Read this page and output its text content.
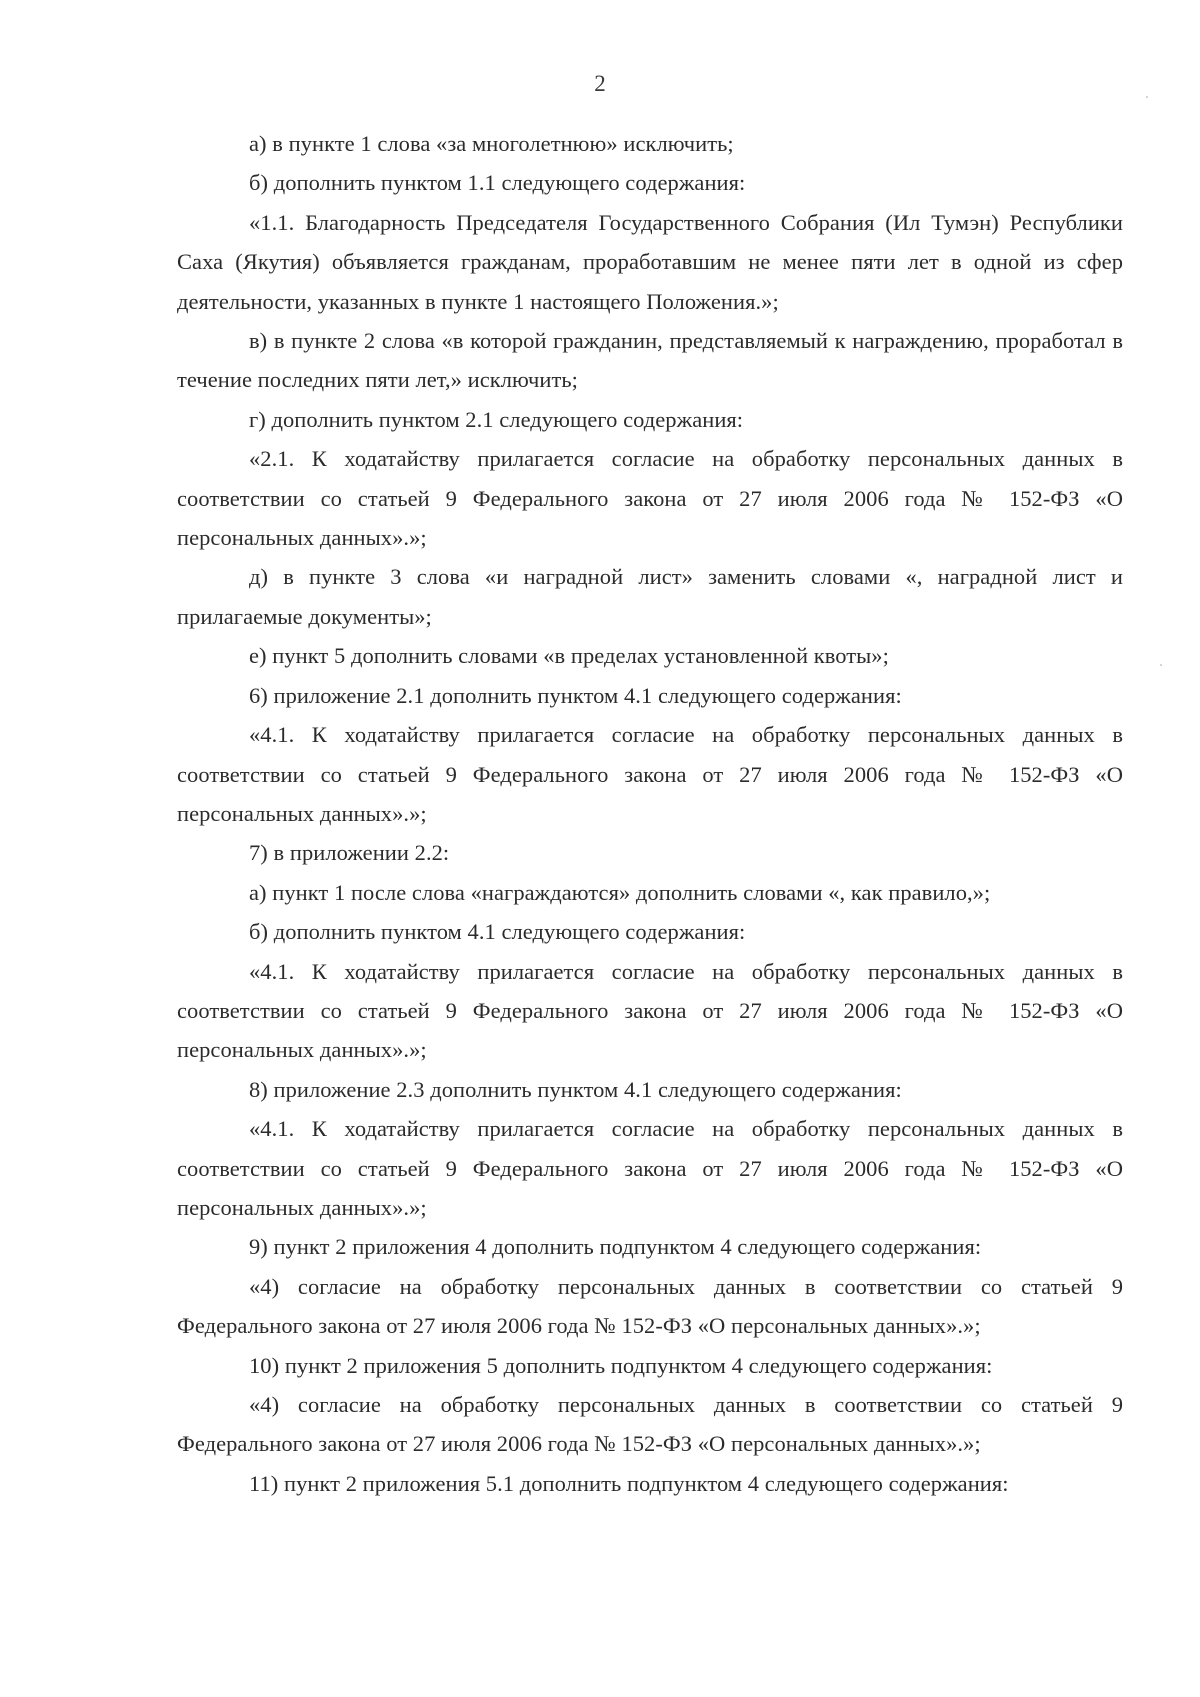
2

а) в пункте 1 слова «за многолетнюю» исключить;

б) дополнить пунктом 1.1 следующего содержания:

«1.1. Благодарность Председателя Государственного Собрания (Ил Тумэн) Республики Саха (Якутия) объявляется гражданам, проработавшим не менее пяти лет в одной из сфер деятельности, указанных в пункте 1 настоящего Положения.»;

в) в пункте 2 слова «в которой гражданин, представляемый к награждению, проработал в течение последних пяти лет,» исключить;

г) дополнить пунктом 2.1 следующего содержания:

«2.1. К ходатайству прилагается согласие на обработку персональных данных в соответствии со статьей 9 Федерального закона от 27 июля 2006 года № 152-ФЗ «О персональных данных».»;

д) в пункте 3 слова «и наградной лист» заменить словами «, наградной лист и прилагаемые документы»;

е) пункт 5 дополнить словами «в пределах установленной квоты»;

6) приложение 2.1 дополнить пунктом 4.1 следующего содержания:

«4.1. К ходатайству прилагается согласие на обработку персональных данных в соответствии со статьей 9 Федерального закона от 27 июля 2006 года № 152-ФЗ «О персональных данных».»;

7) в приложении 2.2:

а) пункт 1 после слова «награждаются» дополнить словами «, как правило,»;

б) дополнить пунктом 4.1 следующего содержания:

«4.1. К ходатайству прилагается согласие на обработку персональных данных в соответствии со статьей 9 Федерального закона от 27 июля 2006 года № 152-ФЗ «О персональных данных».»;

8) приложение 2.3 дополнить пунктом 4.1 следующего содержания:

«4.1. К ходатайству прилагается согласие на обработку персональных данных в соответствии со статьей 9 Федерального закона от 27 июля 2006 года № 152-ФЗ «О персональных данных».»;

9) пункт 2 приложения 4 дополнить подпунктом 4 следующего содержания:

«4) согласие на обработку персональных данных в соответствии со статьей 9 Федерального закона от 27 июля 2006 года № 152-ФЗ «О персональных данных».»;

10) пункт 2 приложения 5 дополнить подпунктом 4 следующего содержания:

«4) согласие на обработку персональных данных в соответствии со статьей 9 Федерального закона от 27 июля 2006 года № 152-ФЗ «О персональных данных».»;

11) пункт 2 приложения 5.1 дополнить подпунктом 4 следующего содержания:
